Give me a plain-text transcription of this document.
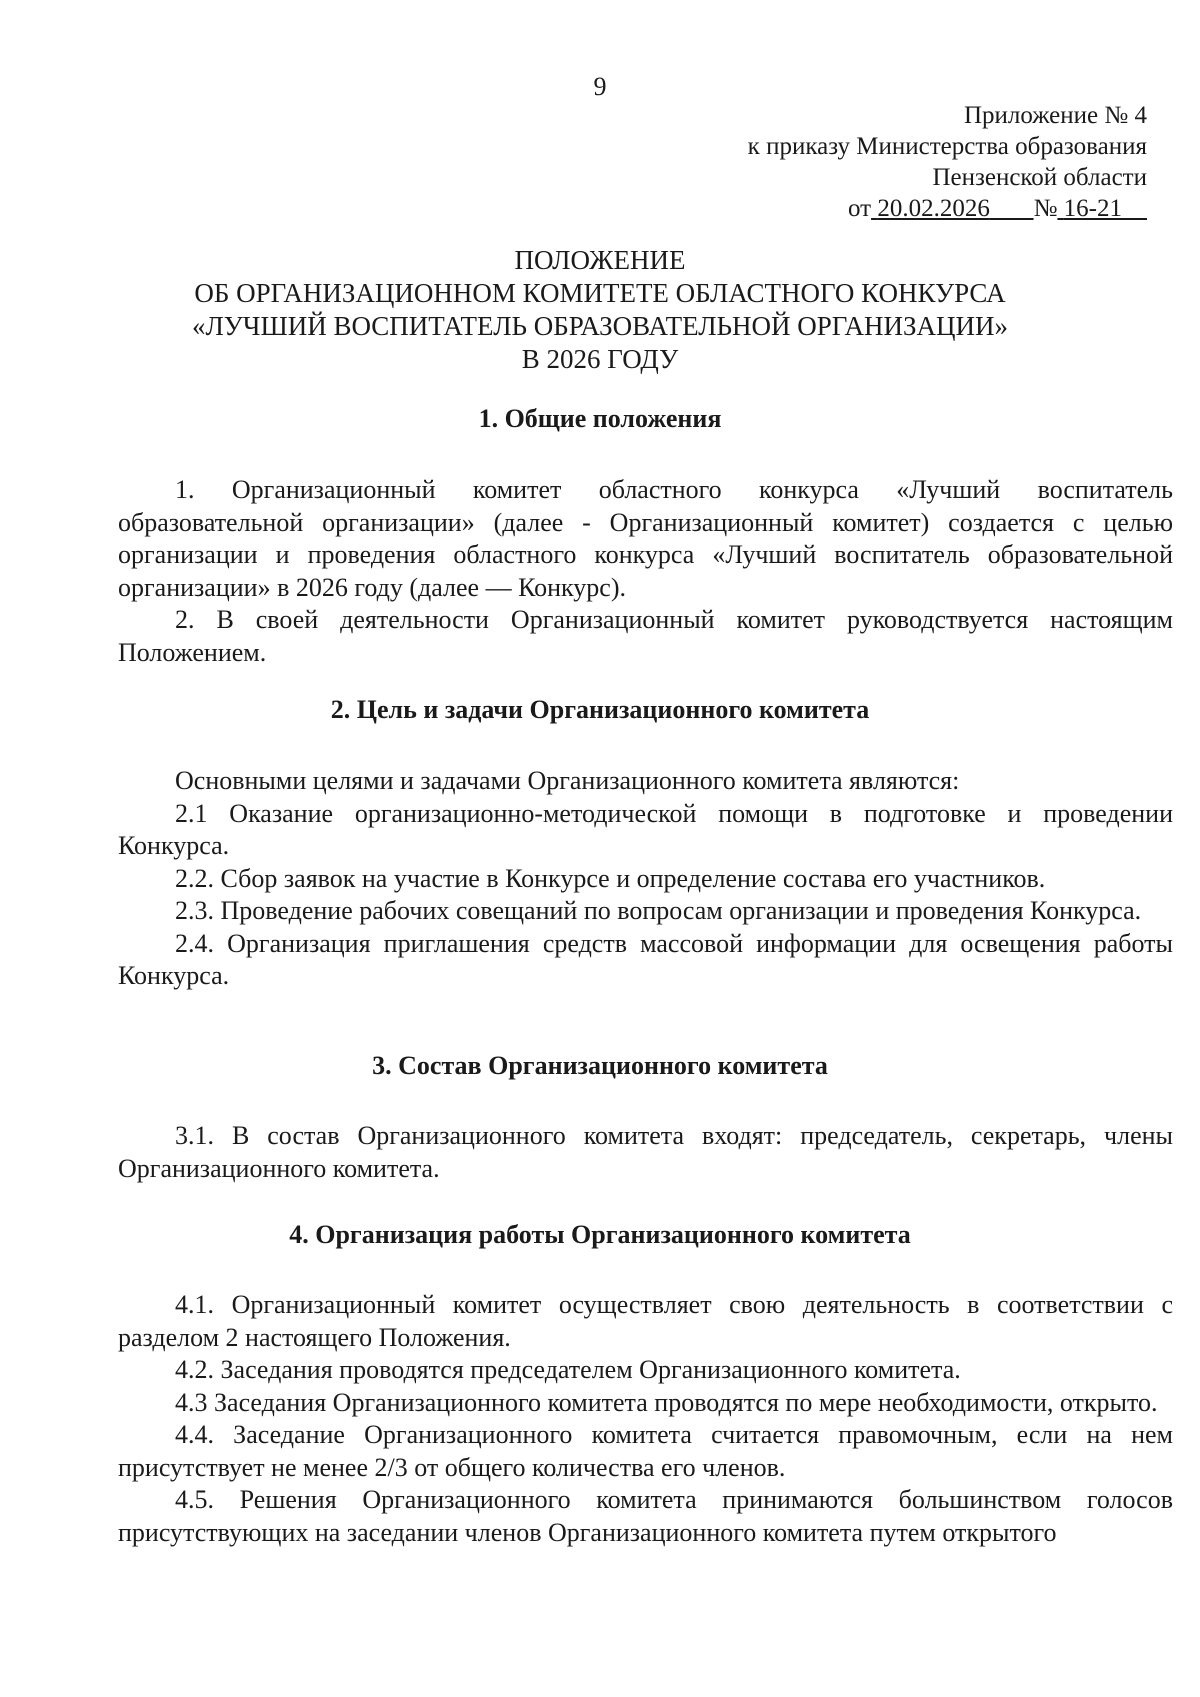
9
Приложение № 4
к приказу Министерства образования
Пензенской области
от 20.02.2026 № 16-21
ПОЛОЖЕНИЕ
ОБ ОРГАНИЗАЦИОННОМ КОМИТЕТЕ ОБЛАСТНОГО КОНКУРСА
«ЛУЧШИЙ ВОСПИТАТЕЛЬ ОБРАЗОВАТЕЛЬНОЙ ОРГАНИЗАЦИИ»
В 2026 ГОДУ
1. Общие положения

1. Организационный комитет областного конкурса «Лучший воспитатель образовательной организации» (далее - Организационный комитет) создается с целью организации и проведения областного конкурса «Лучший воспитатель образовательной организации» в 2026 году (далее — Конкурс).

2. В своей деятельности Организационный комитет руководствуется настоящим Положением.

2. Цель и задачи Организационного комитета

Основными целями и задачами Организационного комитета являются:

2.1 Оказание организационно-методической помощи в подготовке и проведении Конкурса.

2.2. Сбор заявок на участие в Конкурсе и определение состава его участников.

2.3. Проведение рабочих совещаний по вопросам организации и проведения Конкурса.

2.4. Организация приглашения средств массовой информации для освещения работы Конкурса.

3. Состав Организационного комитета

3.1. В состав Организационного комитета входят: председатель, секретарь, члены Организационного комитета.

4. Организация работы Организационного комитета

4.1. Организационный комитет осуществляет свою деятельность в соответствии с разделом 2 настоящего Положения.

4.2. Заседания проводятся председателем Организационного комитета.

4.3 Заседания Организационного комитета проводятся по мере необходимости, открыто.

4.4. Заседание Организационного комитета считается правомочным, если на нем присутствует не менее 2/3 от общего количества его членов.

4.5. Решения Организационного комитета принимаются большинством голосов присутствующих на заседании членов Организационного комитета путем открытого
